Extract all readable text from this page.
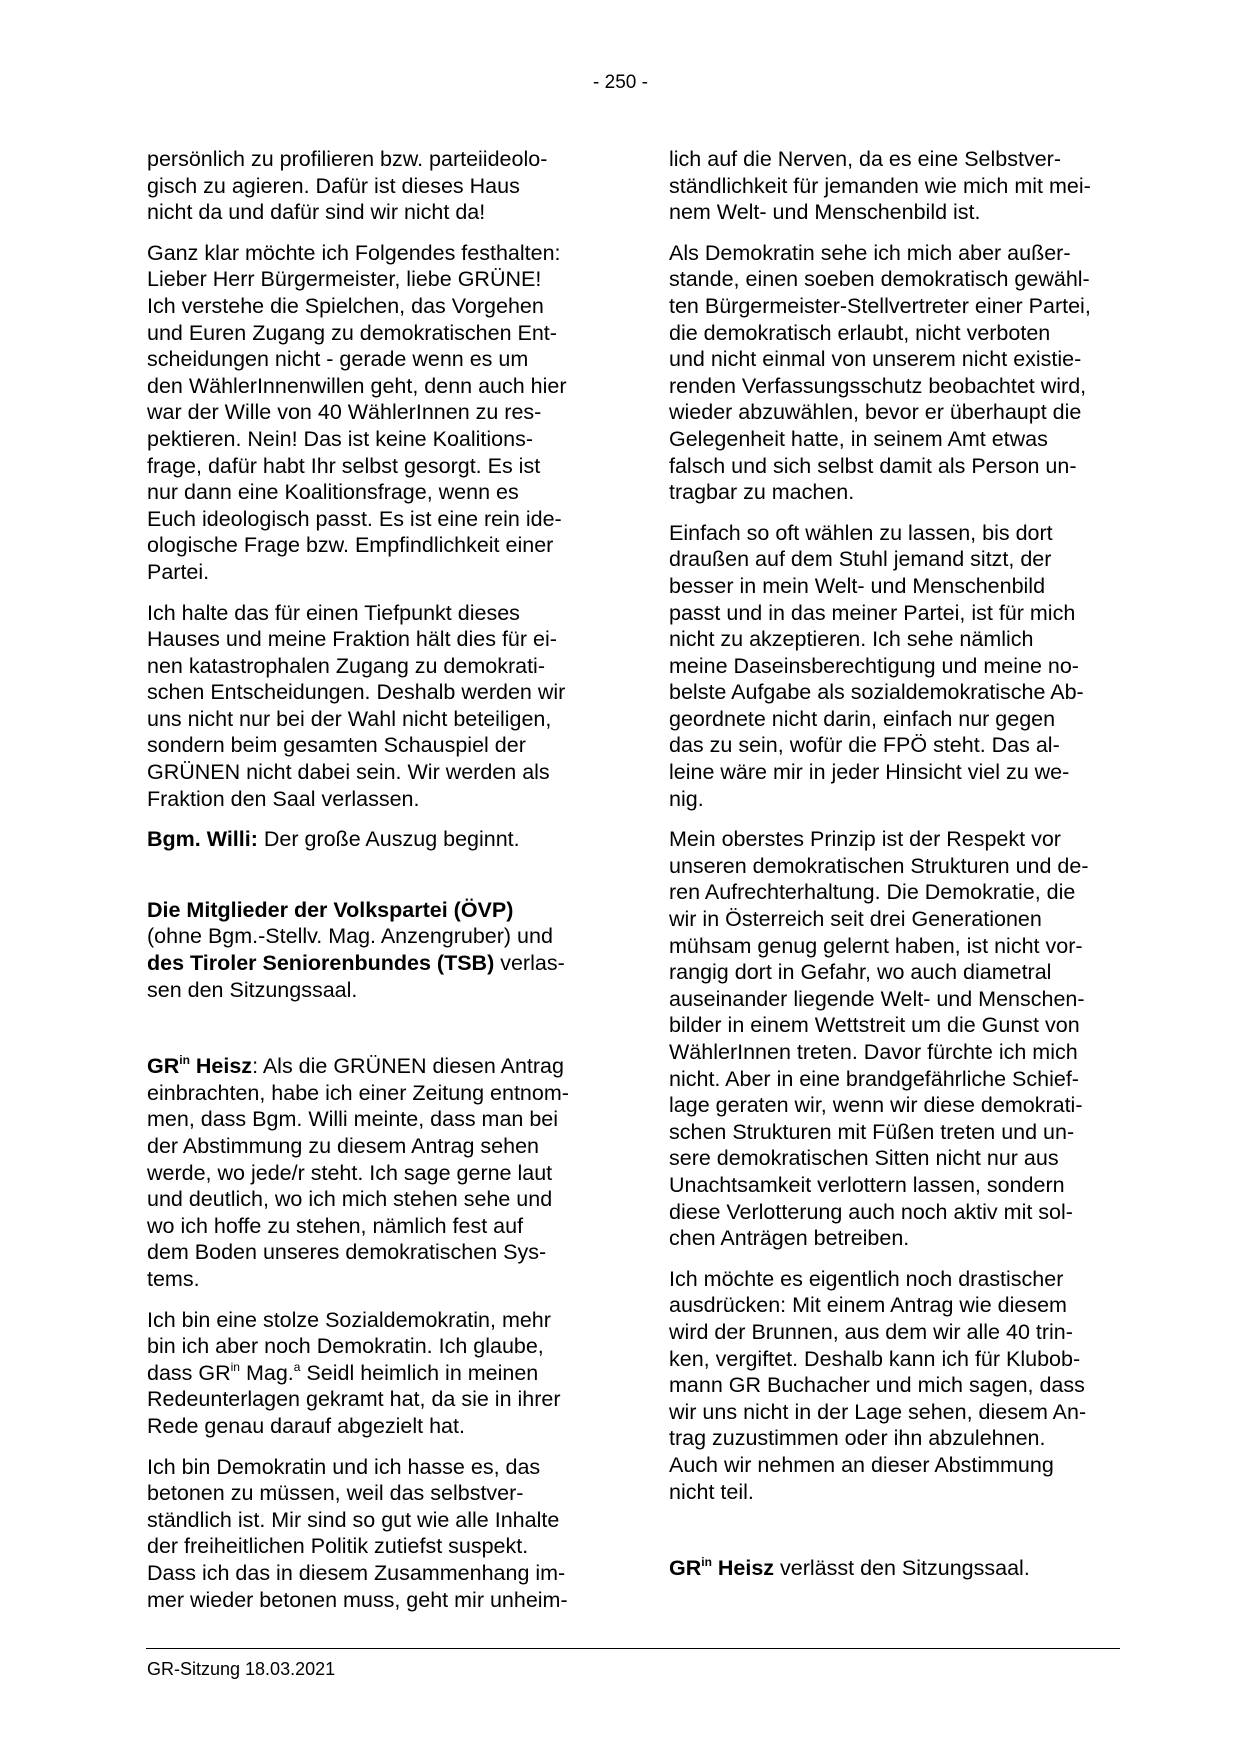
- 250 -

persönlich zu profilieren bzw. parteiideolo-
gisch zu agieren. Dafür ist dieses Haus
nicht da und dafür sind wir nicht da!

Ganz klar möchte ich Folgendes festhalten:
Lieber Herr Bürgermeister, liebe GRÜNE!
Ich verstehe die Spielchen, das Vorgehen
und Euren Zugang zu demokratischen Ent-
scheidungen nicht - gerade wenn es um
den WählerInnenwillen geht, denn auch hier
war der Wille von 40 WählerInnen zu res-
pektieren. Nein! Das ist keine Koalitions-
frage, dafür habt Ihr selbst gesorgt. Es ist
nur dann eine Koalitionsfrage, wenn es
Euch ideologisch passt. Es ist eine rein ide-
ologische Frage bzw. Empfindlichkeit einer
Partei.

Ich halte das für einen Tiefpunkt dieses
Hauses und meine Fraktion hält dies für ei-
nen katastrophalen Zugang zu demokrati-
schen Entscheidungen. Deshalb werden wir
uns nicht nur bei der Wahl nicht beteiligen,
sondern beim gesamten Schauspiel der
GRÜNEN nicht dabei sein. Wir werden als
Fraktion den Saal verlassen.

Bgm. Willi: Der große Auszug beginnt.

Die Mitglieder der Volkspartei (ÖVP)
(ohne Bgm.-Stellv. Mag. Anzengruber) und
des Tiroler Seniorenbundes (TSB) verlas-
sen den Sitzungssaal.

$GR^{in}$ Heisz: Als die GRÜNEN diesen Antrag
einbrachten, habe ich einer Zeitung entnom-
men, dass Bgm. Willi meinte, dass man bei
der Abstimmung zu diesem Antrag sehen
werde, wo jede/r steht. Ich sage gerne laut
und deutlich, wo ich mich stehen sehe und
wo ich hoffe zu stehen, nämlich fest auf
dem Boden unseres demokratischen Sys-
tems.

Ich bin eine stolze Sozialdemokratin, mehr
bin ich aber noch Demokratin. Ich glaube,
dass $GR^{in}$ Mag.$^a$ Seidl heimlich in meinen
Redeunterlagen gekramt hat, da sie in ihrer
Rede genau darauf abgezielt hat.

Ich bin Demokratin und ich hasse es, das
betonen zu müssen, weil das selbstver-
ständlich ist. Mir sind so gut wie alle Inhalte
der freiheitlichen Politik zutiefst suspekt.
Dass ich das in diesem Zusammenhang im-
mer wieder betonen muss, geht mir unheim-

lich auf die Nerven, da es eine Selbstver-
ständlichkeit für jemanden wie mich mit mei-
nem Welt- und Menschenbild ist.

Als Demokratin sehe ich mich aber außer-
stande, einen soeben demokratisch gewähl-
ten Bürgermeister-Stellvertreter einer Partei,
die demokratisch erlaubt, nicht verboten
und nicht einmal von unserem nicht existie-
renden Verfassungsschutz beobachtet wird,
wieder abzuwählen, bevor er überhaupt die
Gelegenheit hatte, in seinem Amt etwas
falsch und sich selbst damit als Person un-
tragbar zu machen.

Einfach so oft wählen zu lassen, bis dort
draußen auf dem Stuhl jemand sitzt, der
besser in mein Welt- und Menschenbild
passt und in das meiner Partei, ist für mich
nicht zu akzeptieren. Ich sehe nämlich
meine Daseinsberechtigung und meine no-
belste Aufgabe als sozialdemokratische Ab-
geordnete nicht darin, einfach nur gegen
das zu sein, wofür die FPÖ steht. Das al-
leine wäre mir in jeder Hinsicht viel zu we-
nig.

Mein oberstes Prinzip ist der Respekt vor
unseren demokratischen Strukturen und de-
ren Aufrechterhaltung. Die Demokratie, die
wir in Österreich seit drei Generationen
mühsam genug gelernt haben, ist nicht vor-
rangig dort in Gefahr, wo auch diametral
auseinander liegende Welt- und Menschen-
bilder in einem Wettstreit um die Gunst von
WählerInnen treten. Davor fürchte ich mich
nicht. Aber in eine brandgefährliche Schief-
lage geraten wir, wenn wir diese demokrati-
schen Strukturen mit Füßen treten und un-
sere demokratischen Sitten nicht nur aus
Unachtsamkeit verlottern lassen, sondern
diese Verlotterung auch noch aktiv mit sol-
chen Anträgen betreiben.

Ich möchte es eigentlich noch drastischer
ausdrücken: Mit einem Antrag wie diesem
wird der Brunnen, aus dem wir alle 40 trin-
ken, vergiftet. Deshalb kann ich für Klubob-
mann GR Buchacher und mich sagen, dass
wir uns nicht in der Lage sehen, diesem An-
trag zuzustimmen oder ihn abzulehnen.
Auch wir nehmen an dieser Abstimmung
nicht teil.

$GR^{in}$ Heisz verlässt den Sitzungssaal.

GR-Sitzung 18.03.2021
